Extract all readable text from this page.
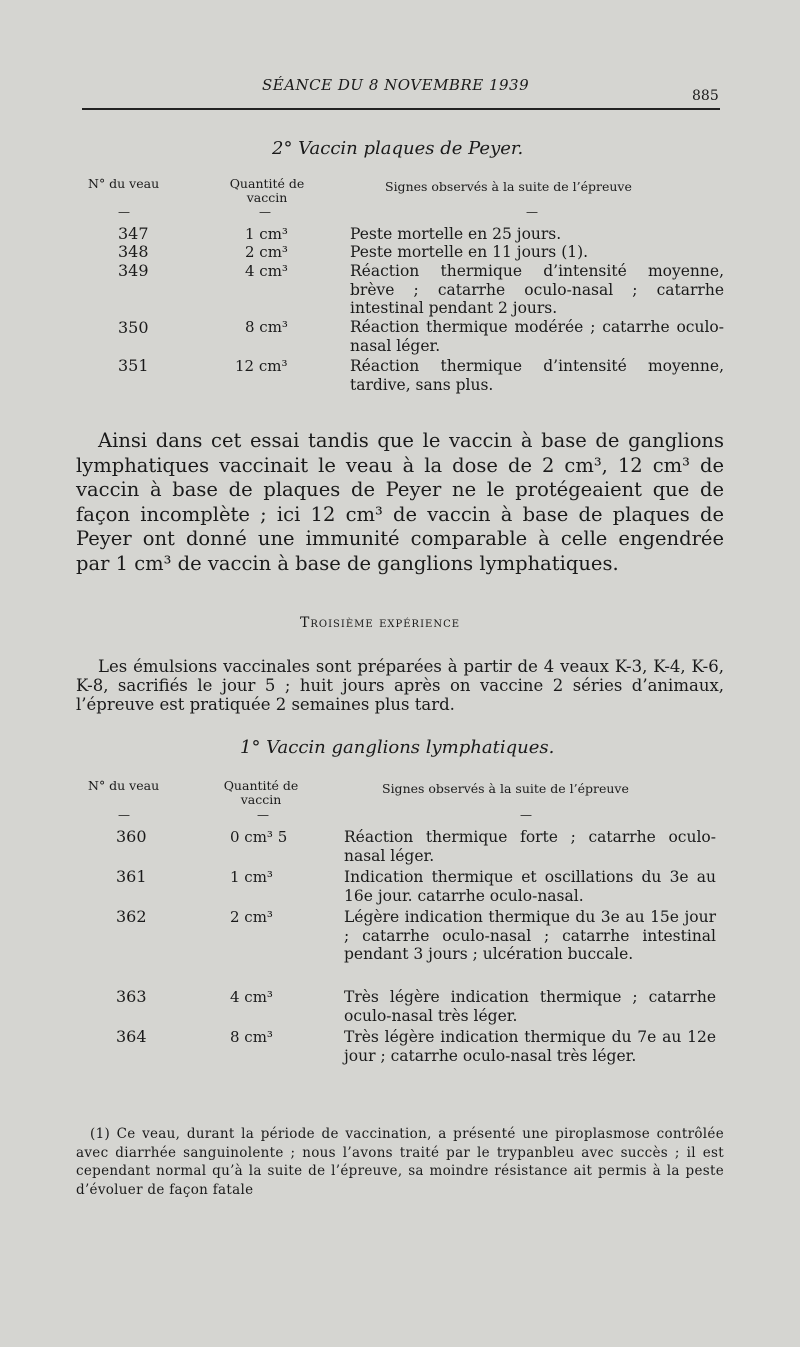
SÉANCE DU 8 NOVEMBRE 1939
885
2° Vaccin plaques de Peyer.
N° du veau	Quantité de vaccin
Signes observés à la suite de l’épreuve
—	—	—
347	1 cm³	Peste mortelle en 25 jours.
348	2 cm³	Peste mortelle en 11 jours (1).
349	4 cm³	Réaction thermique d’intensité moyenne, brève ; catarrhe oculo-nasal ; catarrhe intestinal pendant 2 jours.
350	8 cm³	Réaction thermique modérée ; catarrhe oculo-nasal léger.
351	12 cm³	Réaction thermique d’intensité moyenne, tardive, sans plus.
Ainsi dans cet essai tandis que le vaccin à base de ganglions lymphatiques vaccinait le veau à la dose de 2 cm³, 12 cm³ de vaccin à base de plaques de Peyer ne le protégeaient que de façon incomplète ; ici 12 cm³ de vaccin à base de plaques de Peyer ont donné une immunité comparable à celle engendrée par 1 cm³ de vaccin à base de ganglions lymphatiques.
Troisième expérience
Les émulsions vaccinales sont préparées à partir de 4 veaux K-3, K-4, K-6, K-8, sacrifiés le jour 5 ; huit jours après on vaccine 2 séries d’animaux, l’épreuve est pratiquée 2 semaines plus tard.
1° Vaccin ganglions lymphatiques.
N° du veau	Quantité de vaccin
Signes observés à la suite de l’épreuve
—	—	—
360	0 cm³ 5	Réaction thermique forte ; catarrhe oculo-nasal léger.
361	1 cm³	Indication thermique et oscillations du 3e au 16e jour. catarrhe oculo-nasal.
362	2 cm³	Légère indication thermique du 3e au 15e jour ; catarrhe oculo-nasal ; catarrhe intestinal pendant 3 jours ; ulcération buccale.
363	4 cm³	Très légère indication thermique ; catarrhe oculo-nasal très léger.
364	8 cm³	Très légère indication thermique du 7e au 12e jour ; catarrhe oculo-nasal très léger.
(1) Ce veau, durant la période de vaccination, a présenté une piroplasmose contrôlée avec diarrhée sanguinolente ; nous l’avons traité par le trypanbleu avec succès ; il est cependant normal qu’à la suite de l’épreuve, sa moindre résistance ait permis à la peste d’évoluer de façon fatale
